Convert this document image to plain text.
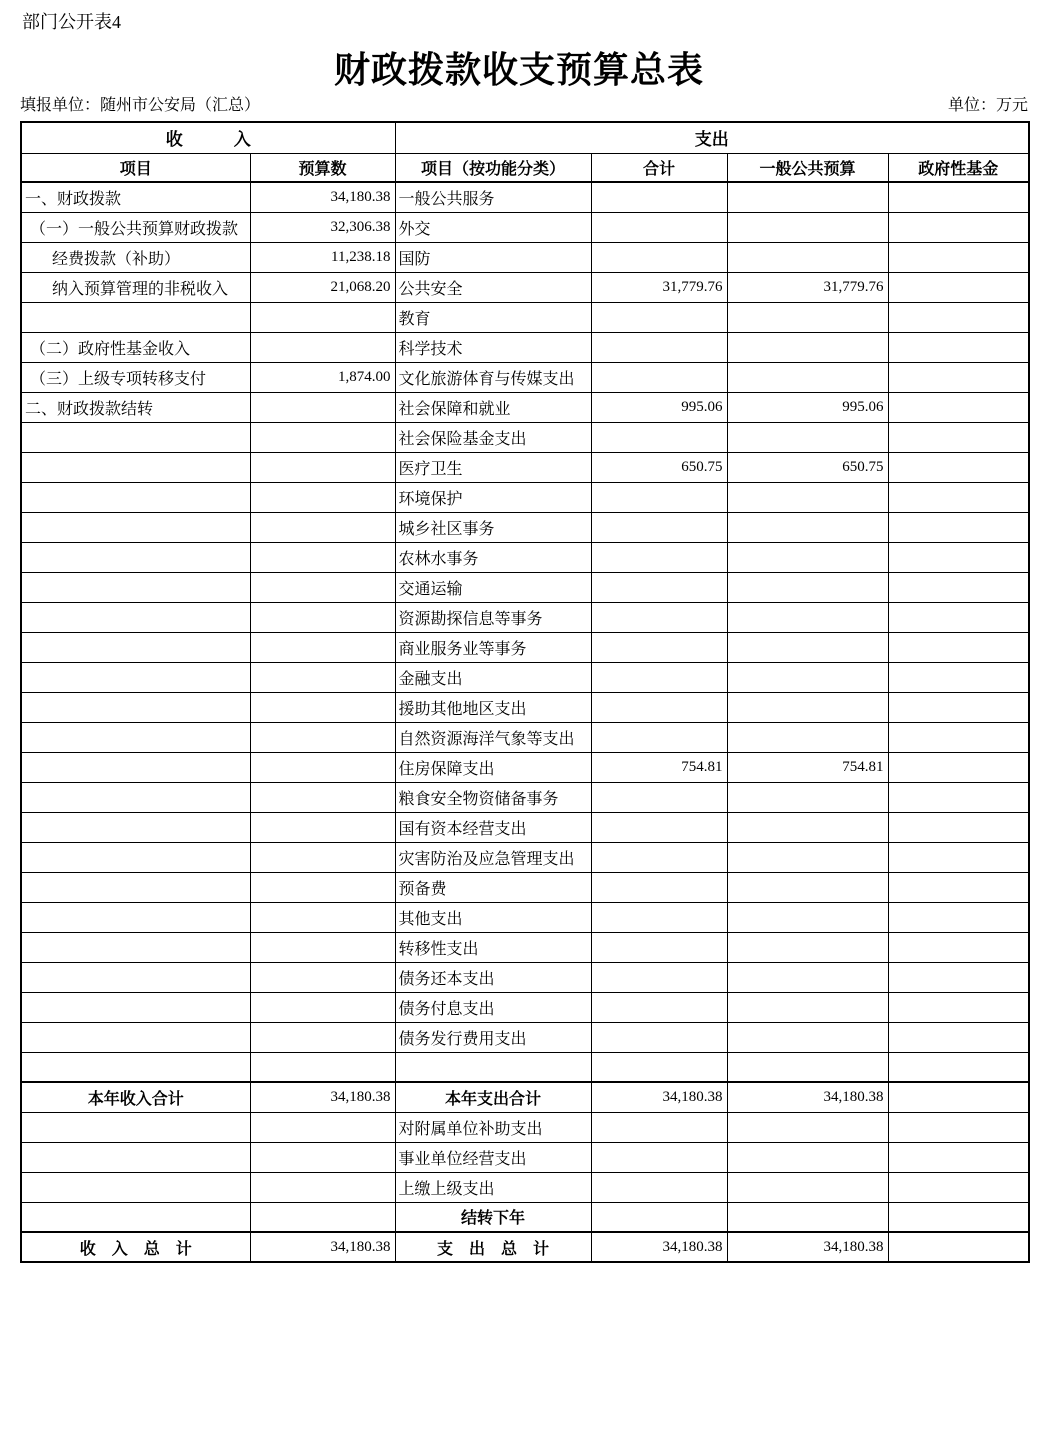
部门公开表4
财政拨款收支预算总表
填报单位：随州市公安局（汇总）	单位：万元
收　　　入		支出			
项目	预算数	项目（按功能分类）	合计	一般公共预算	政府性基金
一、财政拨款	34,180.38	一般公共服务			
（一）一般公共预算财政拨款	32,306.38	外交			
经费拨款（补助）	11,238.18	国防			
纳入预算管理的非税收入	21,068.20	公共安全	31,779.76	31,779.76	
		教育			
（二）政府性基金收入		科学技术			
（三）上级专项转移支付	1,874.00	文化旅游体育与传媒支出			
二、财政拨款结转		社会保障和就业	995.06	995.06	
		社会保险基金支出			
		医疗卫生	650.75	650.75	
		环境保护			
		城乡社区事务			
		农林水事务			
		交通运输			
		资源勘探信息等事务			
		商业服务业等事务			
		金融支出			
		援助其他地区支出			
		自然资源海洋气象等支出			
		住房保障支出	754.81	754.81	
		粮食安全物资储备事务			
		国有资本经营支出			
		灾害防治及应急管理支出			
		预备费			
		其他支出			
		转移性支出			
		债务还本支出			
		债务付息支出			
		债务发行费用支出			

本年收入合计	34,180.38	本年支出合计	34,180.38	34,180.38	
		对附属单位补助支出			
		事业单位经营支出			
		上缴上级支出			
		结转下年			
收　入　总　计	34,180.38	支　出　总　计	34,180.38	34,180.38	
